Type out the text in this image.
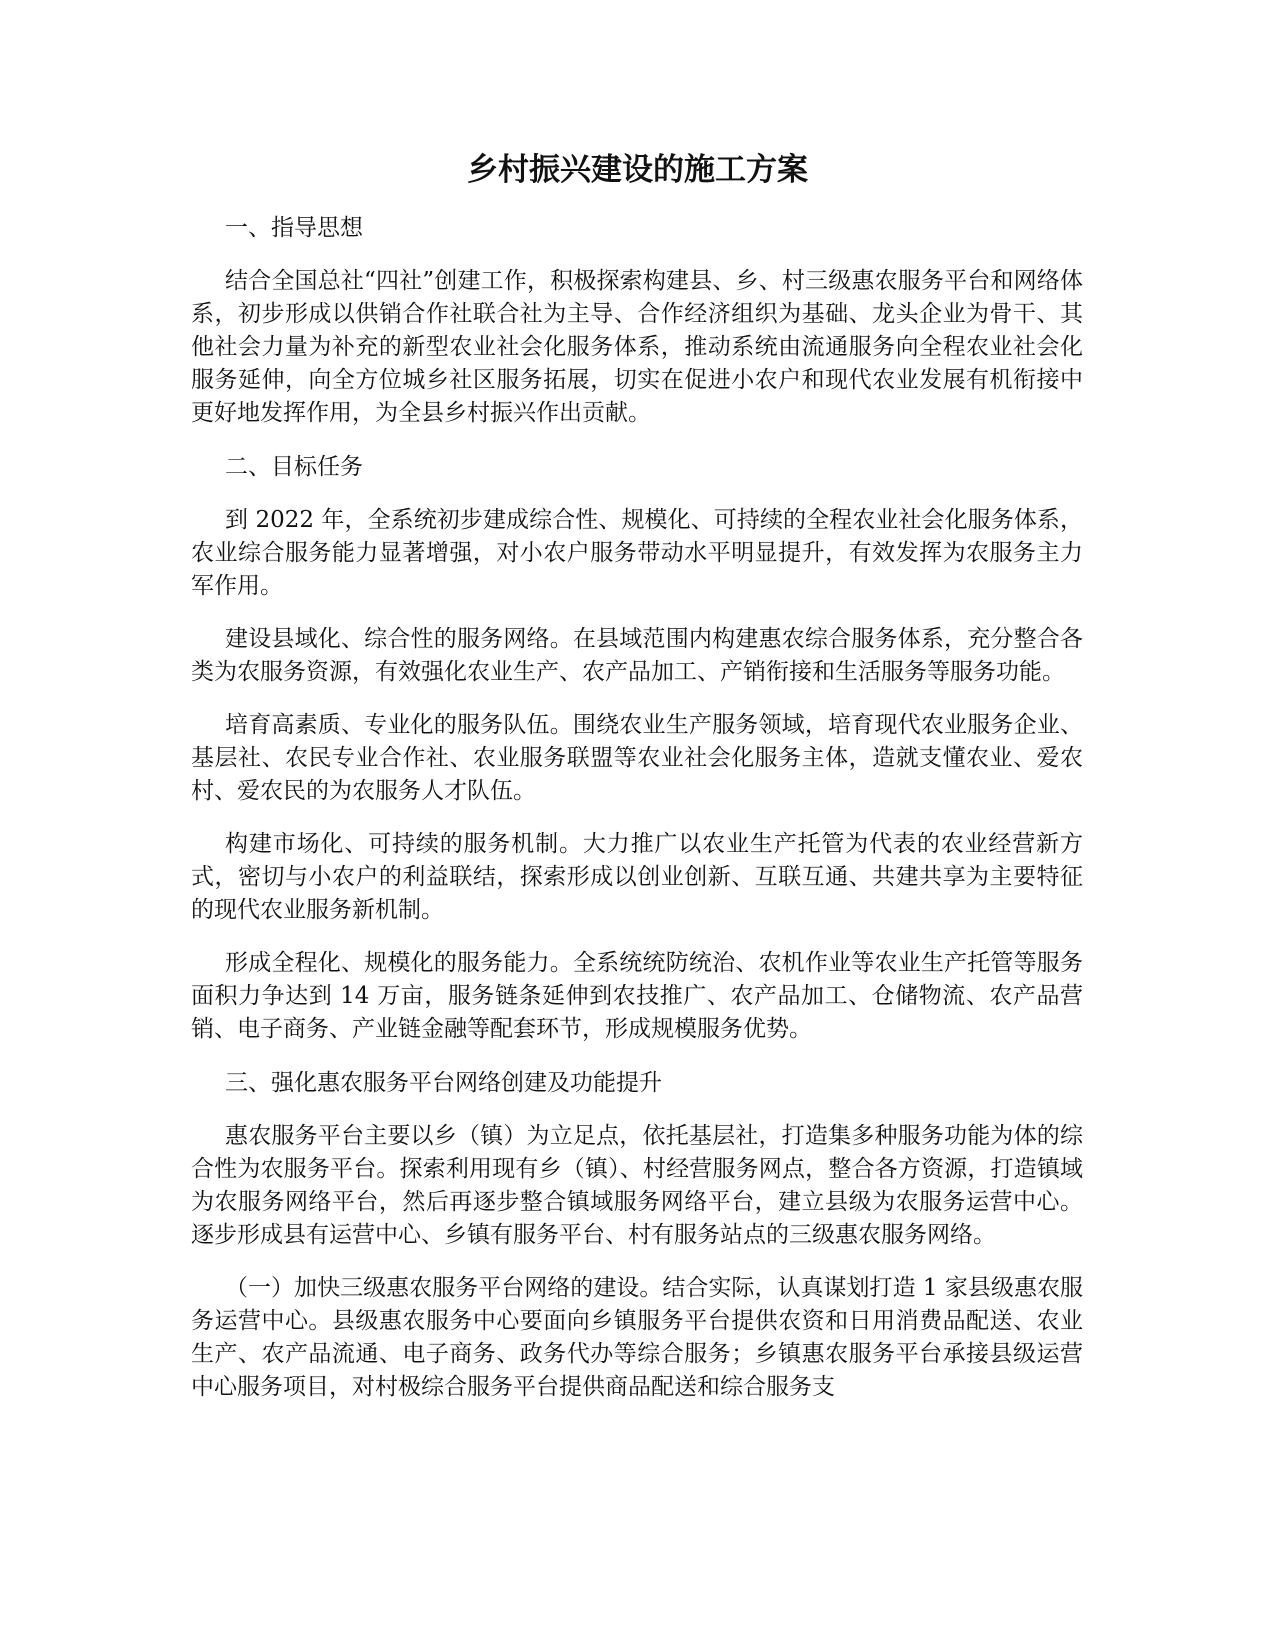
乡村振兴建设的施工方案

一、指导思想

结合全国总社“四社”创建工作，积极探索构建县、乡、村三级惠农服务平台和网络体系，初步形成以供销合作社联合社为主导、合作经济组织为基础、龙头企业为骨干、其他社会力量为补充的新型农业社会化服务体系，推动系统由流通服务向全程农业社会化服务延伸，向全方位城乡社区服务拓展，切实在促进小农户和现代农业发展有机衔接中更好地发挥作用，为全县乡村振兴作出贡献。

二、目标任务

到 2022 年，全系统初步建成综合性、规模化、可持续的全程农业社会化服务体系，农业综合服务能力显著增强，对小农户服务带动水平明显提升，有效发挥为农服务主力军作用。

建设县域化、综合性的服务网络。在县域范围内构建惠农综合服务体系，充分整合各类为农服务资源，有效强化农业生产、农产品加工、产销衔接和生活服务等服务功能。

培育高素质、专业化的服务队伍。围绕农业生产服务领域，培育现代农业服务企业、基层社、农民专业合作社、农业服务联盟等农业社会化服务主体，造就支懂农业、爱农村、爱农民的为农服务人才队伍。

构建市场化、可持续的服务机制。大力推广以农业生产托管为代表的农业经营新方式，密切与小农户的利益联结，探索形成以创业创新、互联互通、共建共享为主要特征的现代农业服务新机制。

形成全程化、规模化的服务能力。全系统统防统治、农机作业等农业生产托管等服务面积力争达到 14 万亩，服务链条延伸到农技推广、农产品加工、仓储物流、农产品营销、电子商务、产业链金融等配套环节，形成规模服务优势。

三、强化惠农服务平台网络创建及功能提升

惠农服务平台主要以乡（镇）为立足点，依托基层社，打造集多种服务功能为体的综合性为农服务平台。探索利用现有乡（镇）、村经营服务网点，整合各方资源，打造镇域为农服务网络平台，然后再逐步整合镇域服务网络平台，建立县级为农服务运营中心。逐步形成县有运营中心、乡镇有服务平台、村有服务站点的三级惠农服务网络。

（一）加快三级惠农服务平台网络的建设。结合实际，认真谋划打造 1 家县级惠农服务运营中心。县级惠农服务中心要面向乡镇服务平台提供农资和日用消费品配送、农业生产、农产品流通、电子商务、政务代办等综合服务；乡镇惠农服务平台承接县级运营中心服务项目，对村极综合服务平台提供商品配送和综合服务支
